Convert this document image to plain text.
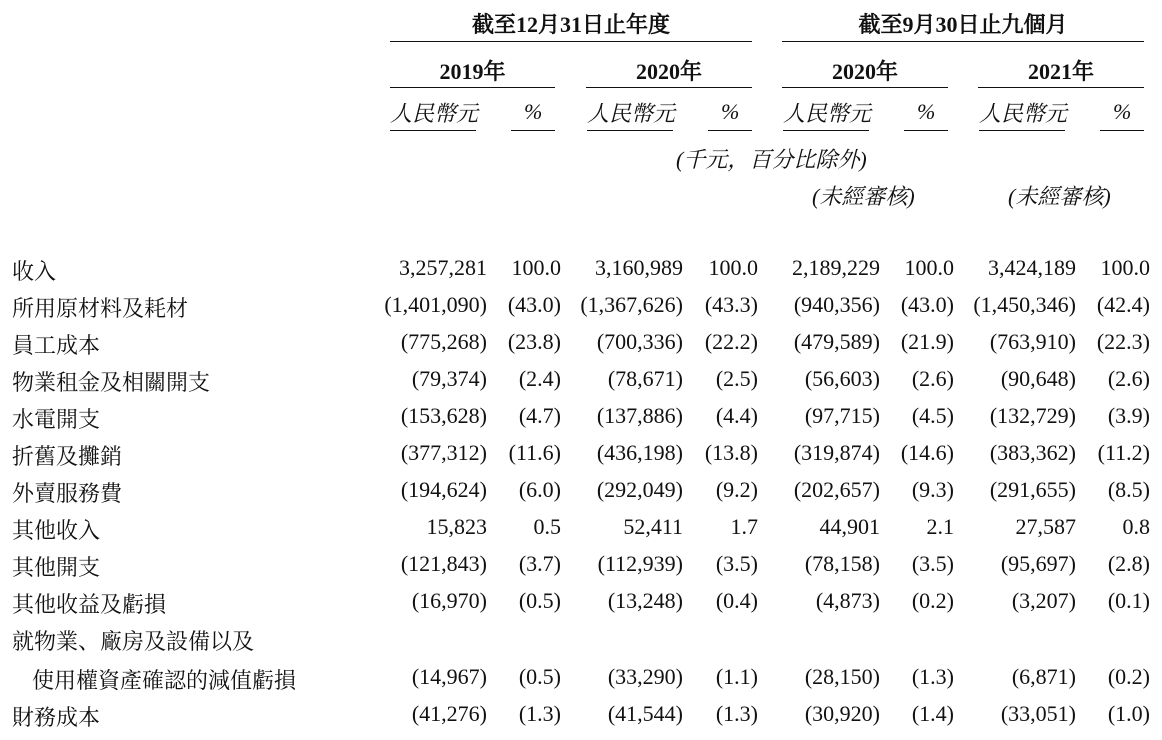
截至12月31日止年度	截至9月30日止九個月
2019年	2020年	2020年	2021年
人民幣元 % 人民幣元 % 人民幣元 % 人民幣元 %
(千元，百分比除外)
(未經審核)	(未經審核)
收入	3,257,281 100.0 3,160,989 100.0 2,189,229 100.0 3,424,189 100.0
所用原材料及耗材	(1,401,090) (43.0) (1,367,626) (43.3) (940,356) (43.0) (1,450,346) (42.4)
員工成本	(775,268) (23.8) (700,336) (22.2) (479,589) (21.9) (763,910) (22.3)
物業租金及相關開支	(79,374) (2.4) (78,671) (2.5) (56,603) (2.6) (90,648) (2.6)
水電開支	(153,628) (4.7) (137,886) (4.4) (97,715) (4.5) (132,729) (3.9)
折舊及攤銷	(377,312) (11.6) (436,198) (13.8) (319,874) (14.6) (383,362) (11.2)
外賣服務費	(194,624) (6.0) (292,049) (9.2) (202,657) (9.3) (291,655) (8.5)
其他收入	15,823 0.5	52,411 1.7	44,901 2.1	27,587 0.8
其他開支	(121,843) (3.7) (112,939) (3.5) (78,158) (3.5) (95,697) (2.8)
其他收益及虧損	(16,970) (0.5) (13,248) (0.4)	(4,873) (0.2)	(3,207) (0.1)
就物業、廠房及設備以及
使用權資產確認的減值虧損	(14,967) (0.5) (33,290) (1.1) (28,150) (1.3)	(6,871) (0.2)
財務成本	(41,276) (1.3) (41,544) (1.3) (30,920) (1.4) (33,051) (1.0)
